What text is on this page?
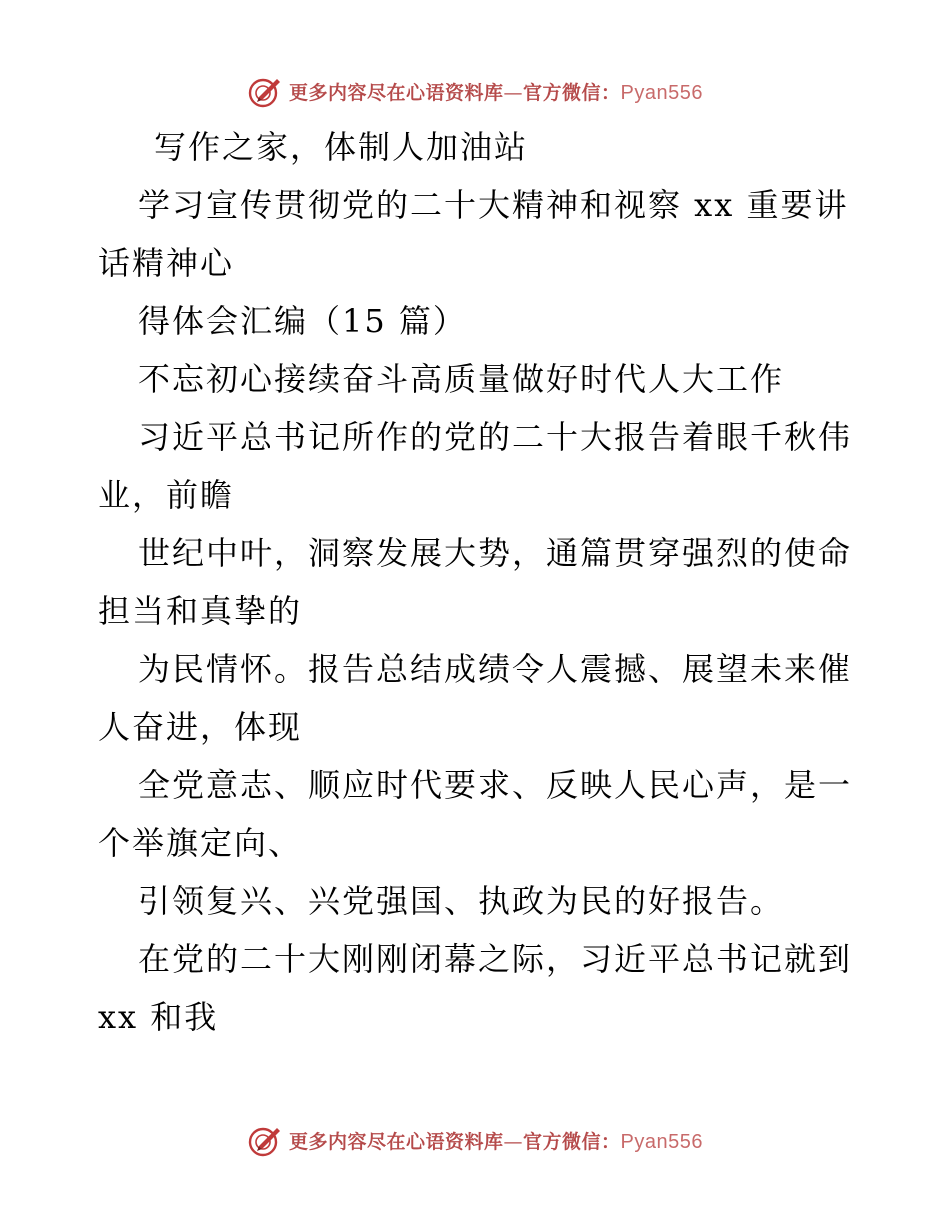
更多内容尽在心语资料库—官方微信：Pyan556
写作之家，体制人加油站
学习宣传贯彻党的二十大精神和视察 xx 重要讲
话精神心
得体会汇编（15 篇）
不忘初心接续奋斗高质量做好时代人大工作
习近平总书记所作的党的二十大报告着眼千秋伟
业，前瞻
世纪中叶，洞察发展大势，通篇贯穿强烈的使命
担当和真挚的
为民情怀。报告总结成绩令人震撼、展望未来催
人奋进，体现
全党意志、顺应时代要求、反映人民心声，是一
个举旗定向、
引领复兴、兴党强国、执政为民的好报告。
在党的二十大刚刚闭幕之际，习近平总书记就到
xx 和我
更多内容尽在心语资料库—官方微信：Pyan556
